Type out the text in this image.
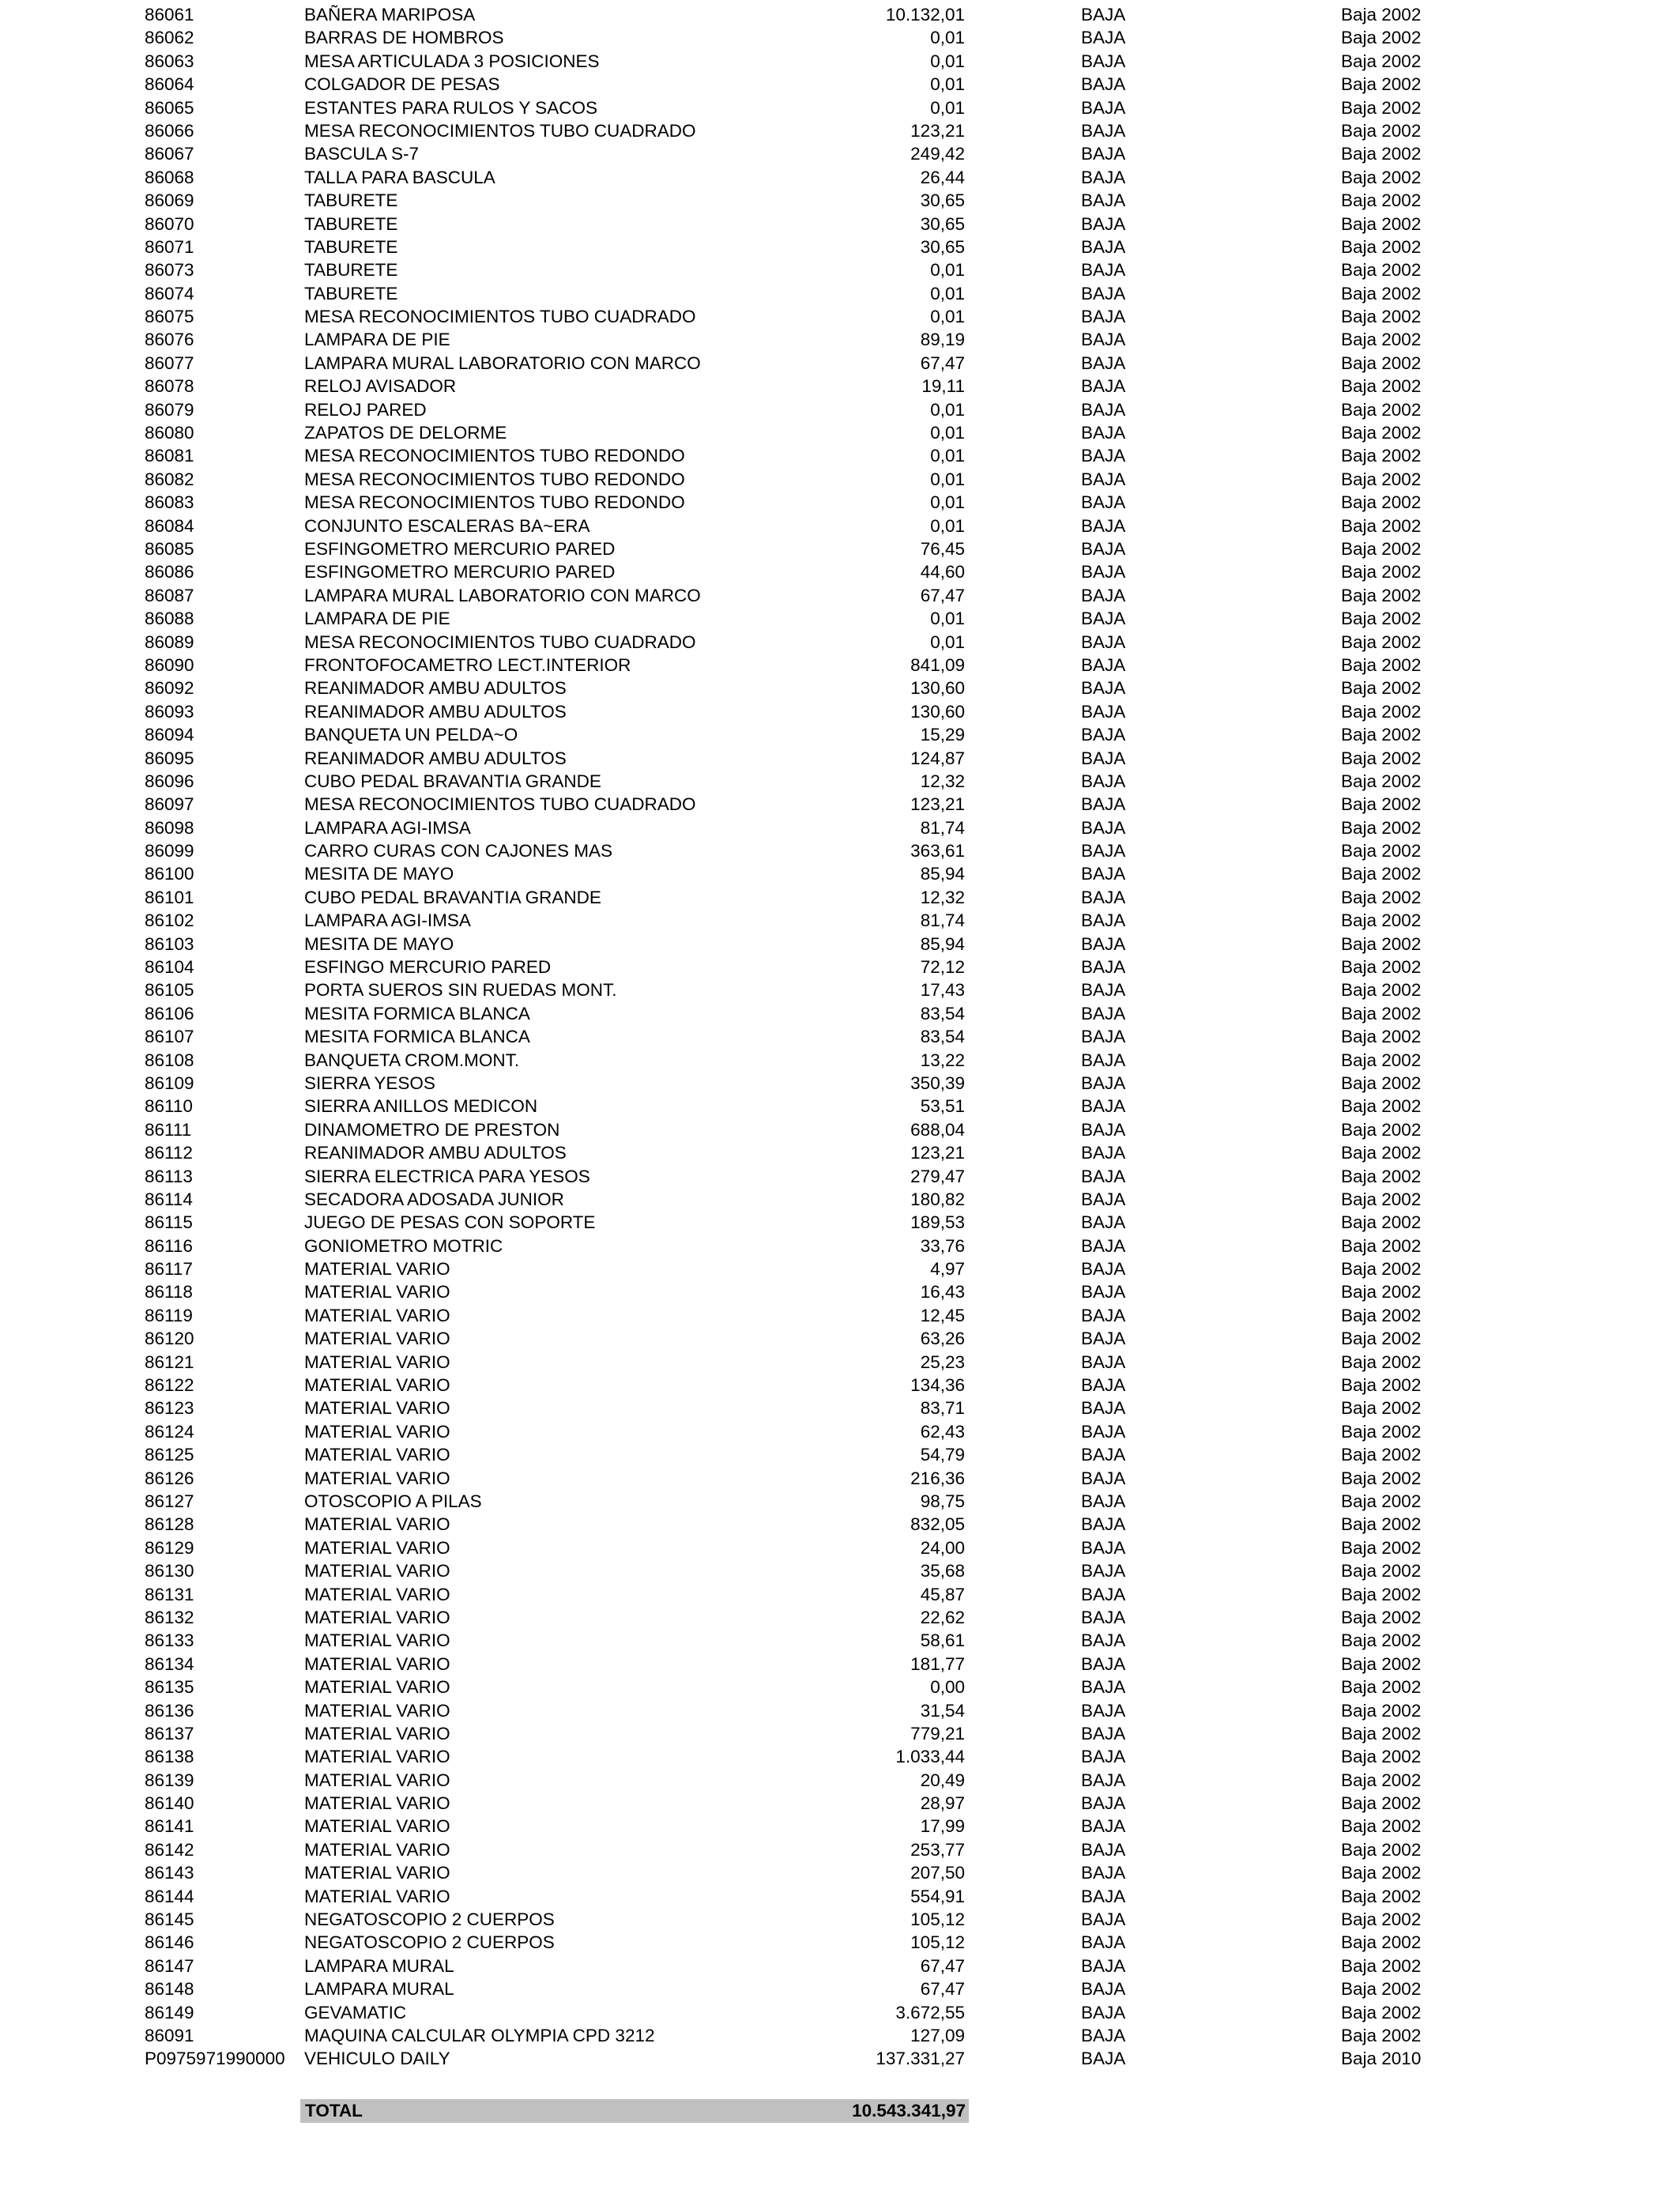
86061	BAÑERA MARIPOSA	10.132,01	BAJA	Baja 2002
86062	BARRAS DE HOMBROS	0,01	BAJA	Baja 2002
86063	MESA ARTICULADA 3 POSICIONES	0,01	BAJA	Baja 2002
86064	COLGADOR DE PESAS	0,01	BAJA	Baja 2002
86065	ESTANTES PARA RULOS Y SACOS	0,01	BAJA	Baja 2002
86066	MESA RECONOCIMIENTOS TUBO CUADRADO	123,21	BAJA	Baja 2002
86067	BASCULA S-7	249,42	BAJA	Baja 2002
86068	TALLA PARA BASCULA	26,44	BAJA	Baja 2002
86069	TABURETE	30,65	BAJA	Baja 2002
86070	TABURETE	30,65	BAJA	Baja 2002
86071	TABURETE	30,65	BAJA	Baja 2002
86073	TABURETE	0,01	BAJA	Baja 2002
86074	TABURETE	0,01	BAJA	Baja 2002
86075	MESA RECONOCIMIENTOS TUBO CUADRADO	0,01	BAJA	Baja 2002
86076	LAMPARA DE PIE	89,19	BAJA	Baja 2002
86077	LAMPARA MURAL LABORATORIO CON MARCO	67,47	BAJA	Baja 2002
86078	RELOJ AVISADOR	19,11	BAJA	Baja 2002
86079	RELOJ PARED	0,01	BAJA	Baja 2002
86080	ZAPATOS DE DELORME	0,01	BAJA	Baja 2002
86081	MESA RECONOCIMIENTOS TUBO REDONDO	0,01	BAJA	Baja 2002
86082	MESA RECONOCIMIENTOS TUBO REDONDO	0,01	BAJA	Baja 2002
86083	MESA RECONOCIMIENTOS TUBO REDONDO	0,01	BAJA	Baja 2002
86084	CONJUNTO ESCALERAS BA~ERA	0,01	BAJA	Baja 2002
86085	ESFINGOMETRO MERCURIO PARED	76,45	BAJA	Baja 2002
86086	ESFINGOMETRO MERCURIO PARED	44,60	BAJA	Baja 2002
86087	LAMPARA MURAL LABORATORIO CON MARCO	67,47	BAJA	Baja 2002
86088	LAMPARA DE PIE	0,01	BAJA	Baja 2002
86089	MESA RECONOCIMIENTOS TUBO CUADRADO	0,01	BAJA	Baja 2002
86090	FRONTOFOCAMETRO LECT.INTERIOR	841,09	BAJA	Baja 2002
86092	REANIMADOR AMBU ADULTOS	130,60	BAJA	Baja 2002
86093	REANIMADOR AMBU ADULTOS	130,60	BAJA	Baja 2002
86094	BANQUETA UN PELDA~O	15,29	BAJA	Baja 2002
86095	REANIMADOR AMBU ADULTOS	124,87	BAJA	Baja 2002
86096	CUBO PEDAL BRAVANTIA GRANDE	12,32	BAJA	Baja 2002
86097	MESA RECONOCIMIENTOS TUBO CUADRADO	123,21	BAJA	Baja 2002
86098	LAMPARA AGI-IMSA	81,74	BAJA	Baja 2002
86099	CARRO CURAS CON CAJONES MAS	363,61	BAJA	Baja 2002
86100	MESITA DE MAYO	85,94	BAJA	Baja 2002
86101	CUBO PEDAL BRAVANTIA GRANDE	12,32	BAJA	Baja 2002
86102	LAMPARA AGI-IMSA	81,74	BAJA	Baja 2002
86103	MESITA DE MAYO	85,94	BAJA	Baja 2002
86104	ESFINGO MERCURIO PARED	72,12	BAJA	Baja 2002
86105	PORTA SUEROS SIN RUEDAS MONT.	17,43	BAJA	Baja 2002
86106	MESITA FORMICA BLANCA	83,54	BAJA	Baja 2002
86107	MESITA FORMICA BLANCA	83,54	BAJA	Baja 2002
86108	BANQUETA CROM.MONT.	13,22	BAJA	Baja 2002
86109	SIERRA YESOS	350,39	BAJA	Baja 2002
86110	SIERRA ANILLOS MEDICON	53,51	BAJA	Baja 2002
86111	DINAMOMETRO DE PRESTON	688,04	BAJA	Baja 2002
86112	REANIMADOR AMBU ADULTOS	123,21	BAJA	Baja 2002
86113	SIERRA ELECTRICA PARA YESOS	279,47	BAJA	Baja 2002
86114	SECADORA ADOSADA JUNIOR	180,82	BAJA	Baja 2002
86115	JUEGO DE PESAS CON SOPORTE	189,53	BAJA	Baja 2002
86116	GONIOMETRO MOTRIC	33,76	BAJA	Baja 2002
86117	MATERIAL VARIO	4,97	BAJA	Baja 2002
86118	MATERIAL VARIO	16,43	BAJA	Baja 2002
86119	MATERIAL VARIO	12,45	BAJA	Baja 2002
86120	MATERIAL VARIO	63,26	BAJA	Baja 2002
86121	MATERIAL VARIO	25,23	BAJA	Baja 2002
86122	MATERIAL VARIO	134,36	BAJA	Baja 2002
86123	MATERIAL VARIO	83,71	BAJA	Baja 2002
86124	MATERIAL VARIO	62,43	BAJA	Baja 2002
86125	MATERIAL VARIO	54,79	BAJA	Baja 2002
86126	MATERIAL VARIO	216,36	BAJA	Baja 2002
86127	OTOSCOPIO A PILAS	98,75	BAJA	Baja 2002
86128	MATERIAL VARIO	832,05	BAJA	Baja 2002
86129	MATERIAL VARIO	24,00	BAJA	Baja 2002
86130	MATERIAL VARIO	35,68	BAJA	Baja 2002
86131	MATERIAL VARIO	45,87	BAJA	Baja 2002
86132	MATERIAL VARIO	22,62	BAJA	Baja 2002
86133	MATERIAL VARIO	58,61	BAJA	Baja 2002
86134	MATERIAL VARIO	181,77	BAJA	Baja 2002
86135	MATERIAL VARIO	0,00	BAJA	Baja 2002
86136	MATERIAL VARIO	31,54	BAJA	Baja 2002
86137	MATERIAL VARIO	779,21	BAJA	Baja 2002
86138	MATERIAL VARIO	1.033,44	BAJA	Baja 2002
86139	MATERIAL VARIO	20,49	BAJA	Baja 2002
86140	MATERIAL VARIO	28,97	BAJA	Baja 2002
86141	MATERIAL VARIO	17,99	BAJA	Baja 2002
86142	MATERIAL VARIO	253,77	BAJA	Baja 2002
86143	MATERIAL VARIO	207,50	BAJA	Baja 2002
86144	MATERIAL VARIO	554,91	BAJA	Baja 2002
86145	NEGATOSCOPIO 2 CUERPOS	105,12	BAJA	Baja 2002
86146	NEGATOSCOPIO 2 CUERPOS	105,12	BAJA	Baja 2002
86147	LAMPARA MURAL	67,47	BAJA	Baja 2002
86148	LAMPARA MURAL	67,47	BAJA	Baja 2002
86149	GEVAMATIC	3.672,55	BAJA	Baja 2002
86091	MAQUINA CALCULAR OLYMPIA CPD 3212	127,09	BAJA	Baja 2002
P0975971990000 VEHICULO DAILY	137.331,27	BAJA	Baja 2010
TOTAL	10.543.341,97
